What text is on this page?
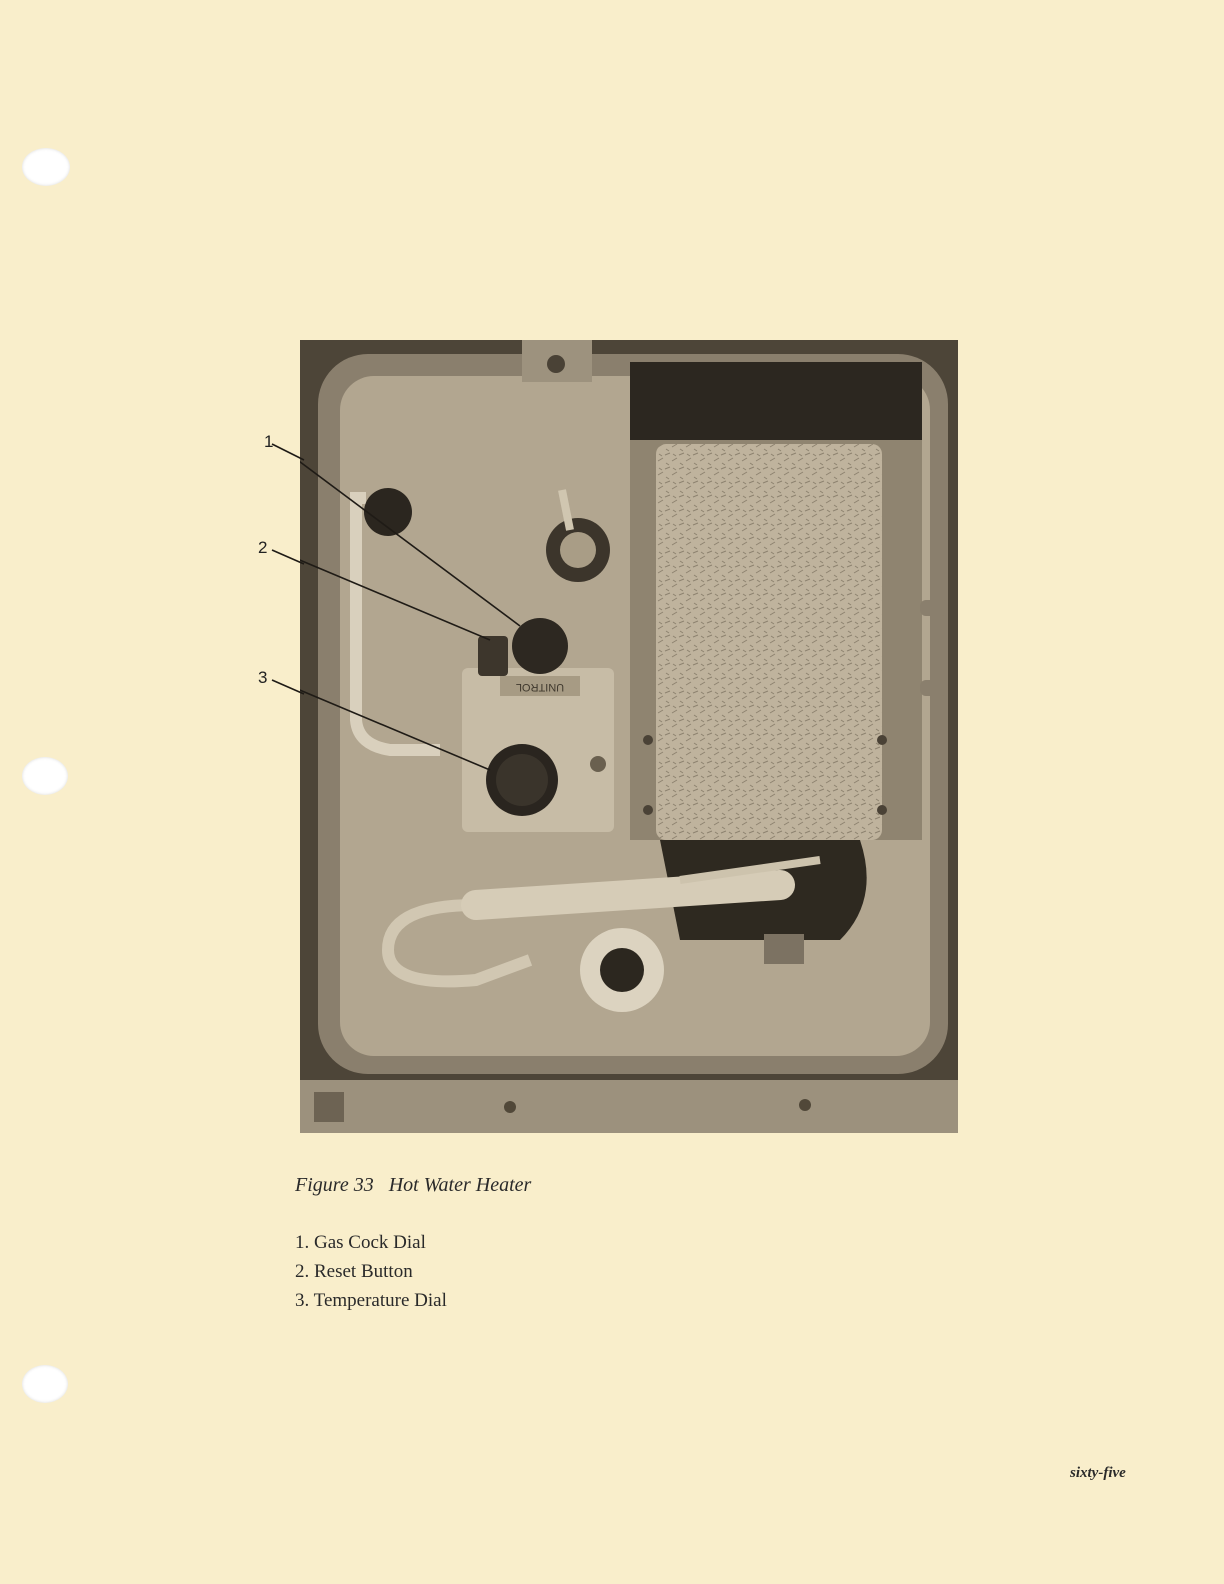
UNITROL
1
2
3
Figure 33 Hot Water Heater
1. Gas Cock Dial
2. Reset Button
3. Temperature Dial
sixty-five
